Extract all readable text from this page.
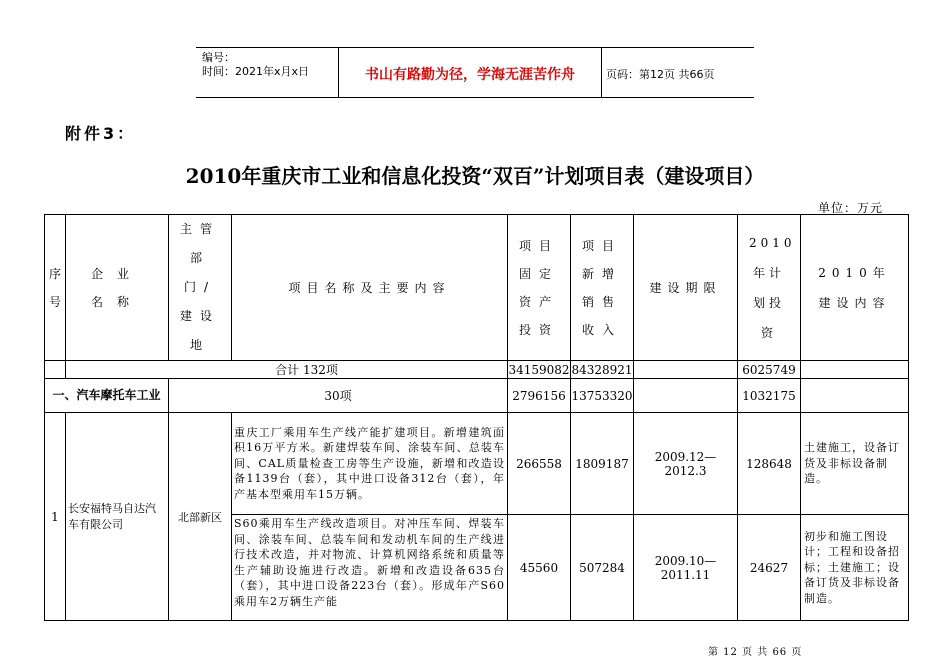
编号：
时间：2021年x月x日	书山有路勤为径，学海无涯苦作舟	页码：第12页 共66页
附件3：
2010年重庆市工业和信息化投资“双百”计划项目表（建设项目）
单位：万元
序号	企业名称	主管部门/建设地	项目名称及主要内容	项目固定资产投资	项目新增销售收入	建设期限	2010年计划投资	2010年建设内容

	合计 132项			34159082	84328921		6025749	
一、汽车摩托车工业		30项		2796156	13753320		1032175	
1	长安福特马自达汽车有限公司	北部新区	重庆工厂乘用车生产线产能扩建项目。新增建筑面积16万平方米。新建焊装车间、涂装车间、总装车间、CAL质量检查工房等生产设施，新增和改造设备1139台（套），其中进口设备312台（套），年产基本型乘用车15万辆。	266558	1809187	2009.12—2012.3	128648	土建施工，设备订货及非标设备制造。
			S60乘用车生产线改造项目。对冲压车间、焊装车间、涂装车间、总装车间和发动机车间的生产线进行技术改造，并对物流、计算机网络系统和质量等生产辅助设施进行改造。新增和改造设备635台（套），其中进口设备223台（套）。形成年产S60乘用车2万辆生产能	45560	507284	2009.10—2011.11	24627	初步和施工图设计；工程和设备招标；土建施工；设备订货及非标设备制造。
第 12 页 共 66 页
